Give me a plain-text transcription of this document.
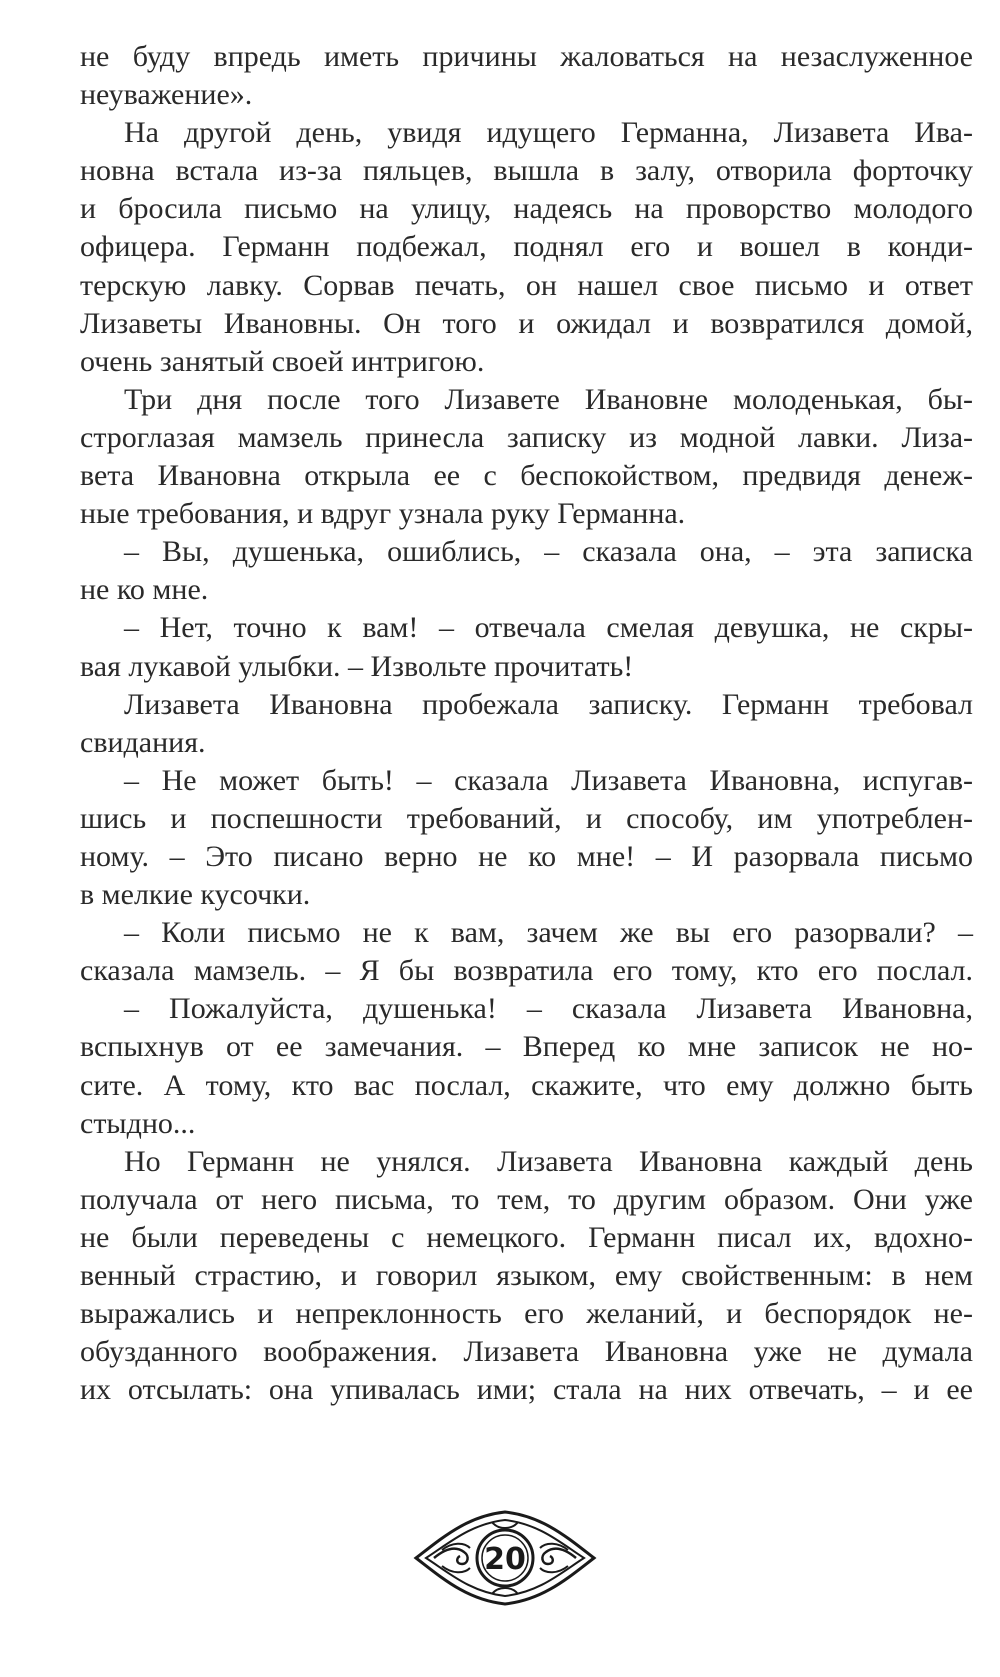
не буду впредь иметь причины жаловаться на незаслуженное
неуважение».
На другой день, увидя идущего Германна, Лизавета Ива-
новна встала из-за пяльцев, вышла в залу, отворила форточку
и бросила письмо на улицу, надеясь на проворство молодого
офицера. Германн подбежал, поднял его и вошел в конди-
терскую лавку. Сорвав печать, он нашел свое письмо и ответ
Лизаветы Ивановны. Он того и ожидал и возвратился домой,
очень занятый своей интригою.
Три дня после того Лизавете Ивановне молоденькая, бы-
строглазая мамзель принесла записку из модной лавки. Лиза-
вета Ивановна открыла ее с беспокойством, предвидя денеж-
ные требования, и вдруг узнала руку Германна.
– Вы, душенька, ошиблись, – сказала она, – эта записка
не ко мне.
– Нет, точно к вам! – отвечала смелая девушка, не скры-
вая лукавой улыбки. – Извольте прочитать!
Лизавета Ивановна пробежала записку. Германн требовал
свидания.
– Не может быть! – сказала Лизавета Ивановна, испугав-
шись и поспешности требований, и способу, им употреблен-
ному. – Это писано верно не ко мне! – И разорвала письмо
в мелкие кусочки.
– Коли письмо не к вам, зачем же вы его разорвали? –
сказала мамзель. – Я бы возвратила его тому, кто его послал.
– Пожалуйста, душенька! – сказала Лизавета Ивановна,
вспыхнув от ее замечания. – Вперед ко мне записок не но-
сите. А тому, кто вас послал, скажите, что ему должно быть
стыдно...
Но Германн не унялся. Лизавета Ивановна каждый день
получала от него письма, то тем, то другим образом. Они уже
не были переведены с немецкого. Германн писал их, вдохно-
венный страстию, и говорил языком, ему свойственным: в нем
выражались и непреклонность его желаний, и беспорядок не-
обузданного воображения. Лизавета Ивановна уже не думала
их отсылать: она упивалась ими; стала на них отвечать, – и ее
20
